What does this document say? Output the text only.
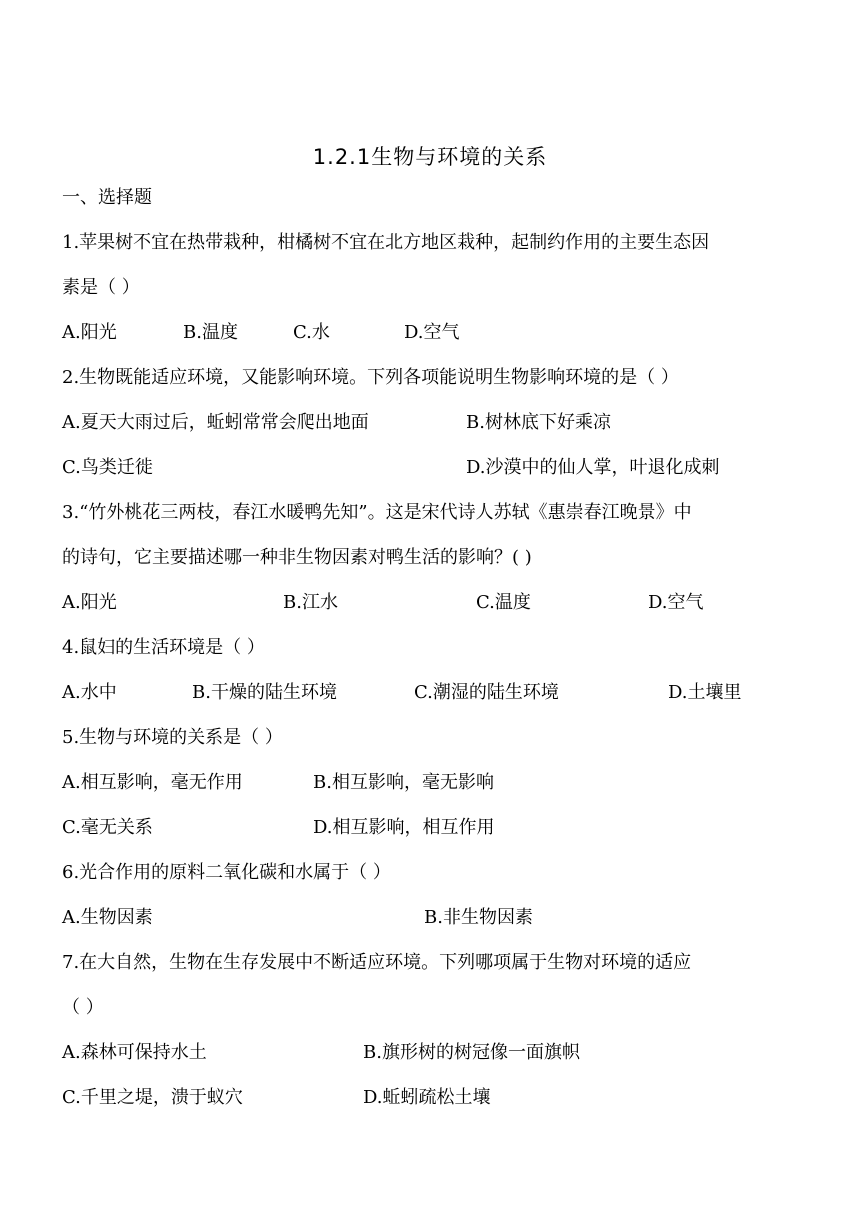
1.2.1生物与环境的关系
一、选择题
1.苹果树不宜在热带栽种，柑橘树不宜在北方地区栽种，起制约作用的主要生态因
素是（ ）
A.阳光	B.温度	C.水	D.空气
2.生物既能适应环境，又能影响环境。下列各项能说明生物影响环境的是（ ）
A.夏天大雨过后，蚯蚓常常会爬出地面	B.树林底下好乘凉
C.鸟类迁徙	D.沙漠中的仙人掌，叶退化成刺
3.“竹外桃花三两枝，春江水暖鸭先知”。这是宋代诗人苏轼《惠崇春江晚景》中
的诗句，它主要描述哪一种非生物因素对鸭生活的影响？( )
A.阳光	B.江水	C.温度	D.空气
4.鼠妇的生活环境是（ ）
A.水中	B.干燥的陆生环境	C.潮湿的陆生环境	D.土壤里
5.生物与环境的关系是（ ）
A.相互影响，毫无作用	B.相互影响，毫无影响
C.毫无关系	D.相互影响，相互作用
6.光合作用的原料二氧化碳和水属于（ ）
A.生物因素	B.非生物因素
7.在大自然，生物在生存发展中不断适应环境。下列哪项属于生物对环境的适应
（ ）
A.森林可保持水土	B.旗形树的树冠像一面旗帜
C.千里之堤，溃于蚁穴	D.蚯蚓疏松土壤
